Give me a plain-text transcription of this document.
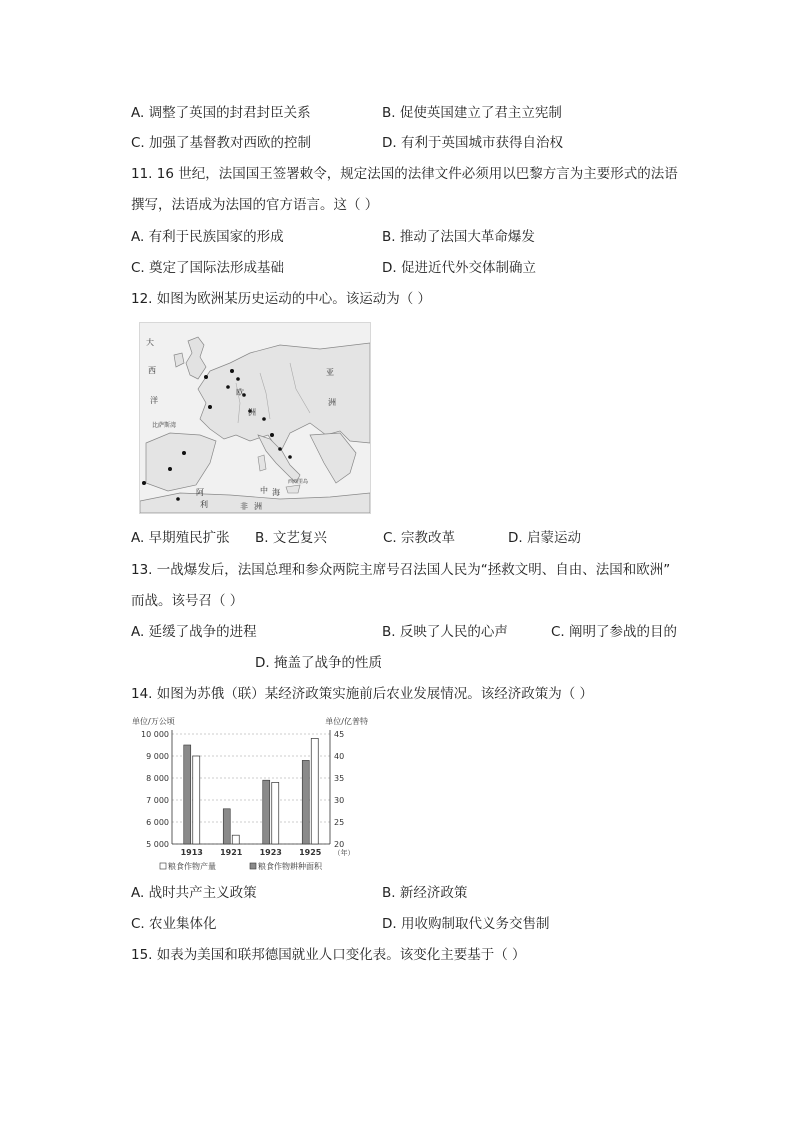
A. 调整了英国的封君封臣关系	B. 促使英国建立了君主立宪制
C. 加强了基督教对西欧的控制	D. 有利于英国城市获得自治权
11. 16 世纪，法国国王签署敕令，规定法国的法律文件必须用以巴黎方言为主要形式的法语
撰写，法语成为法国的官方语言。这（ ）
A. 有利于民族国家的形成	B. 推动了法国大革命爆发
C. 奠定了国际法形成基础	D. 促进近代外交体制确立
12. 如图为欧洲某历史运动的中心。该运动为（ ）
大
西
洋
欧
洲
比萨斯湾
亚
洲
阿
利
西西里岛
中 海
非 洲
A. 早期殖民扩张 B. 文艺复兴	C. 宗教改革	D. 启蒙运动
13. 一战爆发后，法国总理和参众两院主席号召法国人民为“拯救文明、自由、法国和欧洲”
而战。该号召（ ）
A. 延缓了战争的进程	B. 反映了人民的心声	C. 阐明了参战的目的
D. 掩盖了战争的性质
14. 如图为苏俄（联）某经济政策实施前后农业发展情况。该经济政策为（ ）
单位/万公顷	单位/亿普特
5 000
6 000
7 000
8 000
9 000
10 000
20
25
30
35
40
45
1913 1921 1923 1925 （年）
粮食作物产量	粮食作物耕种面积
A. 战时共产主义政策	B. 新经济政策
C. 农业集体化	D. 用收购制取代义务交售制
15. 如表为美国和联邦德国就业人口变化表。该变化主要基于（ ）
